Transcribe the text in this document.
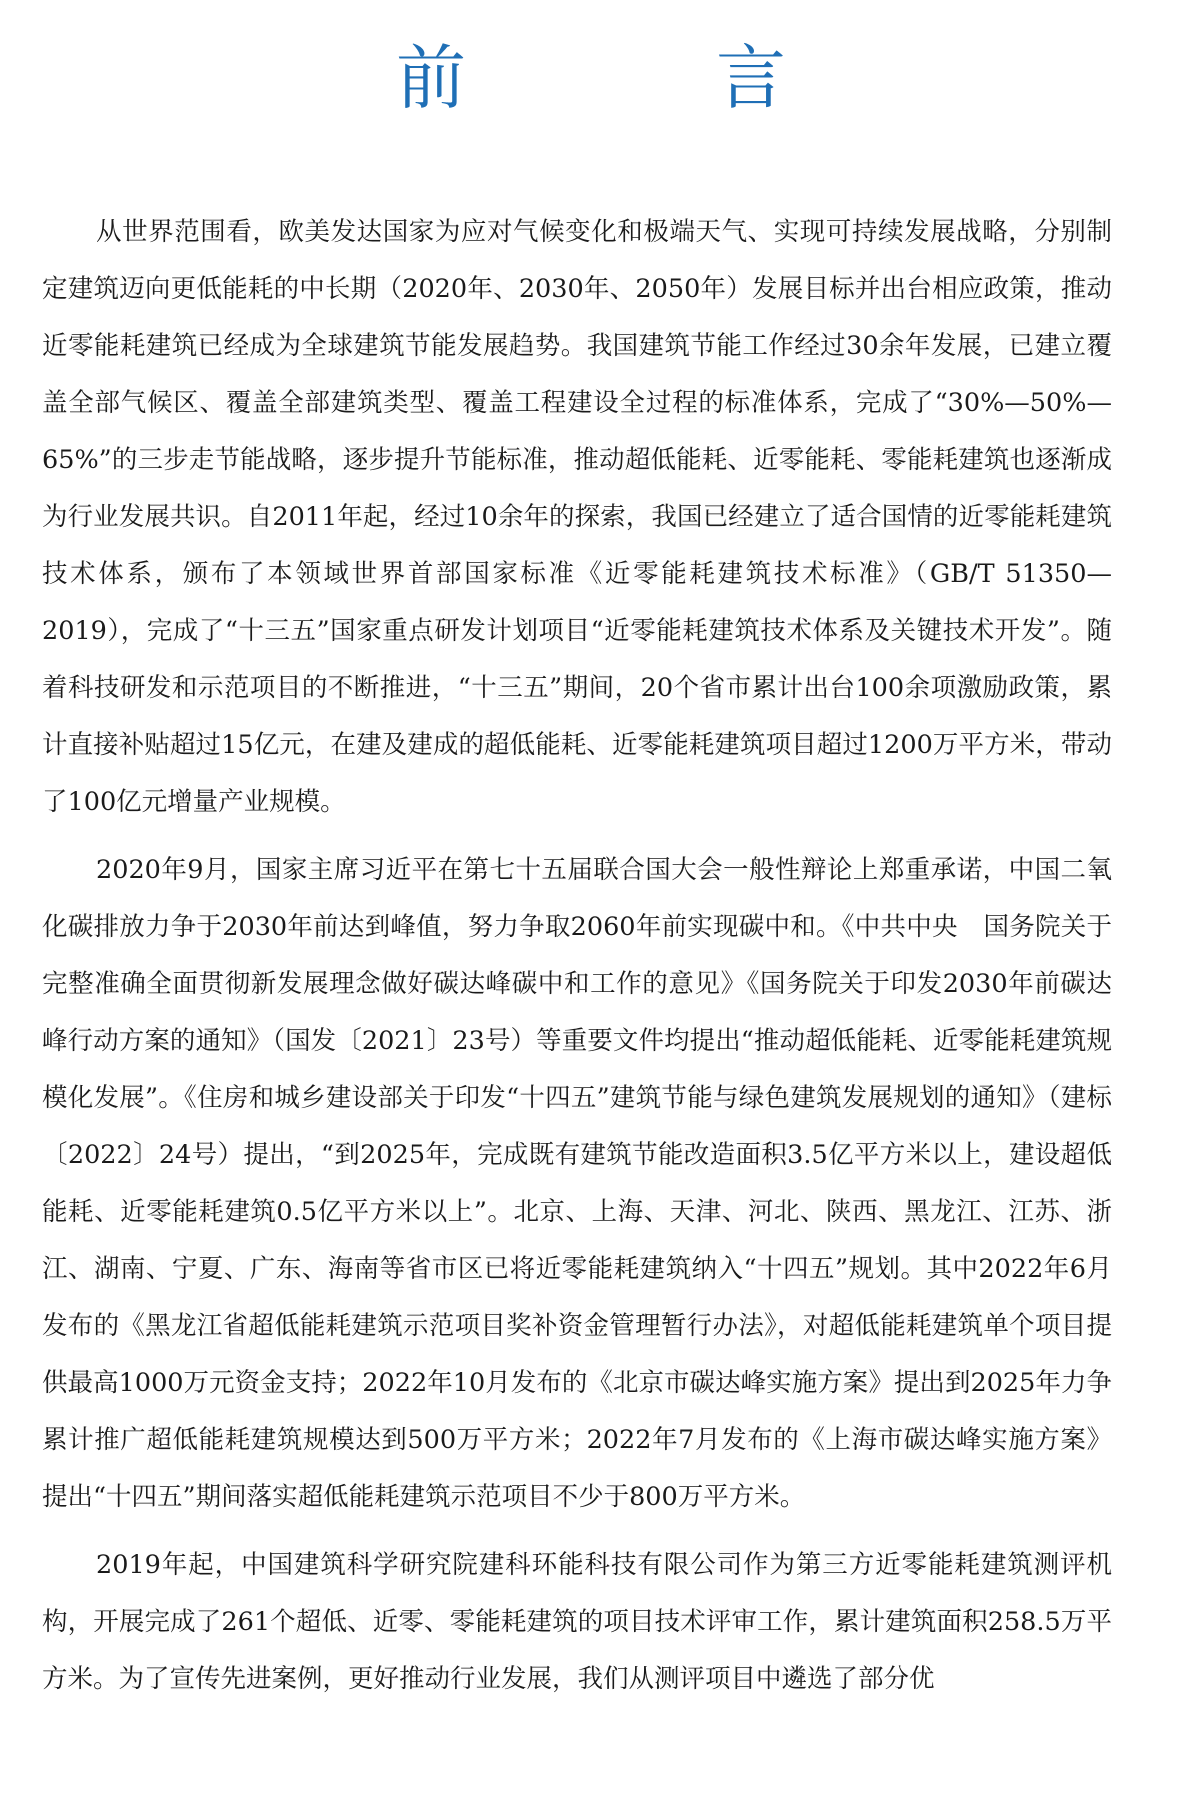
前　言

从世界范围看，欧美发达国家为应对气候变化和极端天气、实现可持续发展战略，分别制定建筑迈向更低能耗的中长期（2020年、2030年、2050年）发展目标并出台相应政策，推动近零能耗建筑已经成为全球建筑节能发展趋势。我国建筑节能工作经过30余年发展，已建立覆盖全部气候区、覆盖全部建筑类型、覆盖工程建设全过程的标准体系，完成了“30%—50%—65%”的三步走节能战略，逐步提升节能标准，推动超低能耗、近零能耗、零能耗建筑也逐渐成为行业发展共识。自2011年起，经过10余年的探索，我国已经建立了适合国情的近零能耗建筑技术体系，颁布了本领域世界首部国家标准《近零能耗建筑技术标准》（GB/T 51350—2019），完成了“十三五”国家重点研发计划项目“近零能耗建筑技术体系及关键技术开发”。随着科技研发和示范项目的不断推进，“十三五”期间，20个省市累计出台100余项激励政策，累计直接补贴超过15亿元，在建及建成的超低能耗、近零能耗建筑项目超过1200万平方米，带动了100亿元增量产业规模。

2020年9月，国家主席习近平在第七十五届联合国大会一般性辩论上郑重承诺，中国二氧化碳排放力争于2030年前达到峰值，努力争取2060年前实现碳中和。《中共中央　国务院关于完整准确全面贯彻新发展理念做好碳达峰碳中和工作的意见》《国务院关于印发2030年前碳达峰行动方案的通知》（国发〔2021〕23号）等重要文件均提出“推动超低能耗、近零能耗建筑规模化发展”。《住房和城乡建设部关于印发“十四五”建筑节能与绿色建筑发展规划的通知》（建标〔2022〕24号）提出，“到2025年，完成既有建筑节能改造面积3.5亿平方米以上，建设超低能耗、近零能耗建筑0.5亿平方米以上”。北京、上海、天津、河北、陕西、黑龙江、江苏、浙江、湖南、宁夏、广东、海南等省市区已将近零能耗建筑纳入“十四五”规划。其中2022年6月发布的《黑龙江省超低能耗建筑示范项目奖补资金管理暂行办法》，对超低能耗建筑单个项目提供最高1000万元资金支持；2022年10月发布的《北京市碳达峰实施方案》提出到2025年力争累计推广超低能耗建筑规模达到500万平方米；2022年7月发布的《上海市碳达峰实施方案》提出“十四五”期间落实超低能耗建筑示范项目不少于800万平方米。

2019年起，中国建筑科学研究院建科环能科技有限公司作为第三方近零能耗建筑测评机构，开展完成了261个超低、近零、零能耗建筑的项目技术评审工作，累计建筑面积258.5万平方米。为了宣传先进案例，更好推动行业发展，我们从测评项目中遴选了部分优
